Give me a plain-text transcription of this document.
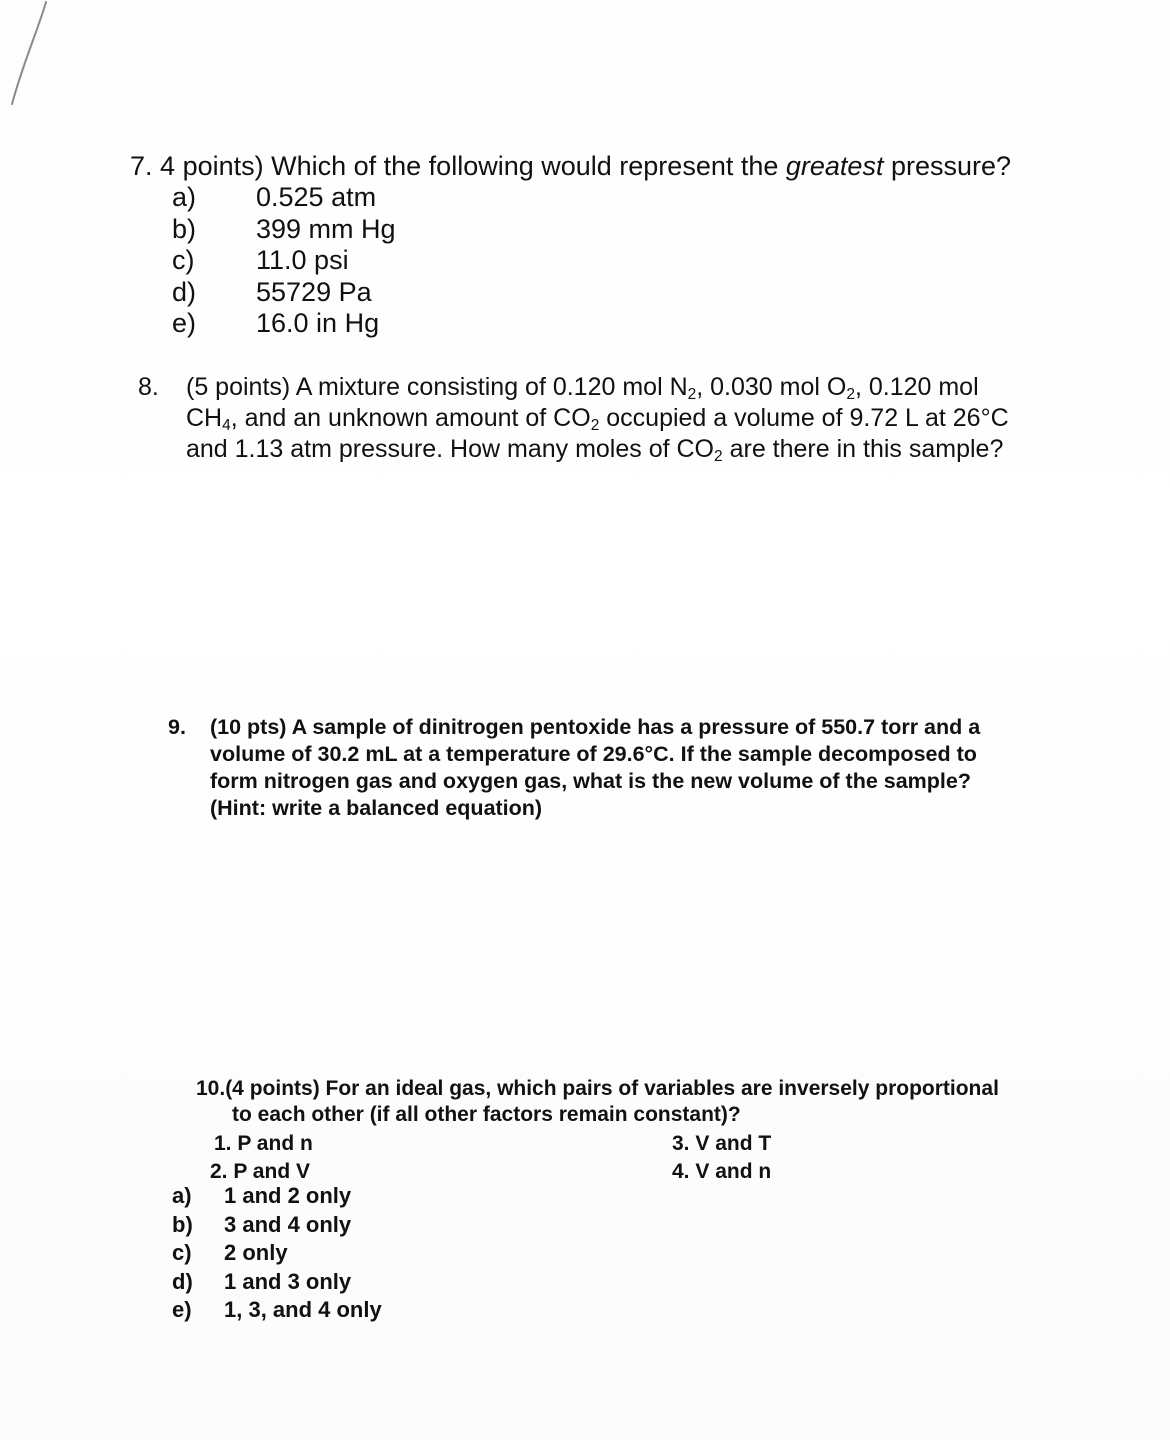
7. 4 points) Which of the following would represent the greatest pressure?
a)	0.525 atm
b)	399 mm Hg
c)	11.0 psi
d)	55729 Pa
e)	16.0 in Hg
8.	(5 points) A mixture consisting of 0.120 mol $N_2$, 0.030 mol $O_2$, 0.120 mol
$CH_4$, and an unknown amount of $CO_2$ occupied a volume of 9.72 L at 26°C
and 1.13 atm pressure. How many moles of $CO_2$ are there in this sample?
9.	(10 pts) A sample of dinitrogen pentoxide has a pressure of 550.7 torr and a
volume of 30.2 mL at a temperature of 29.6°C. If the sample decomposed to
form nitrogen gas and oxygen gas, what is the new volume of the sample?
(Hint: write a balanced equation)
10.(4 points) For an ideal gas, which pairs of variables are inversely proportional
to each other (if all other factors remain constant)?
1. P and n
2. P and V
3. V and T
4. V and n
a)	1 and 2 only
b)	3 and 4 only
c)	2 only
d)	1 and 3 only
e)	1, 3, and 4 only
